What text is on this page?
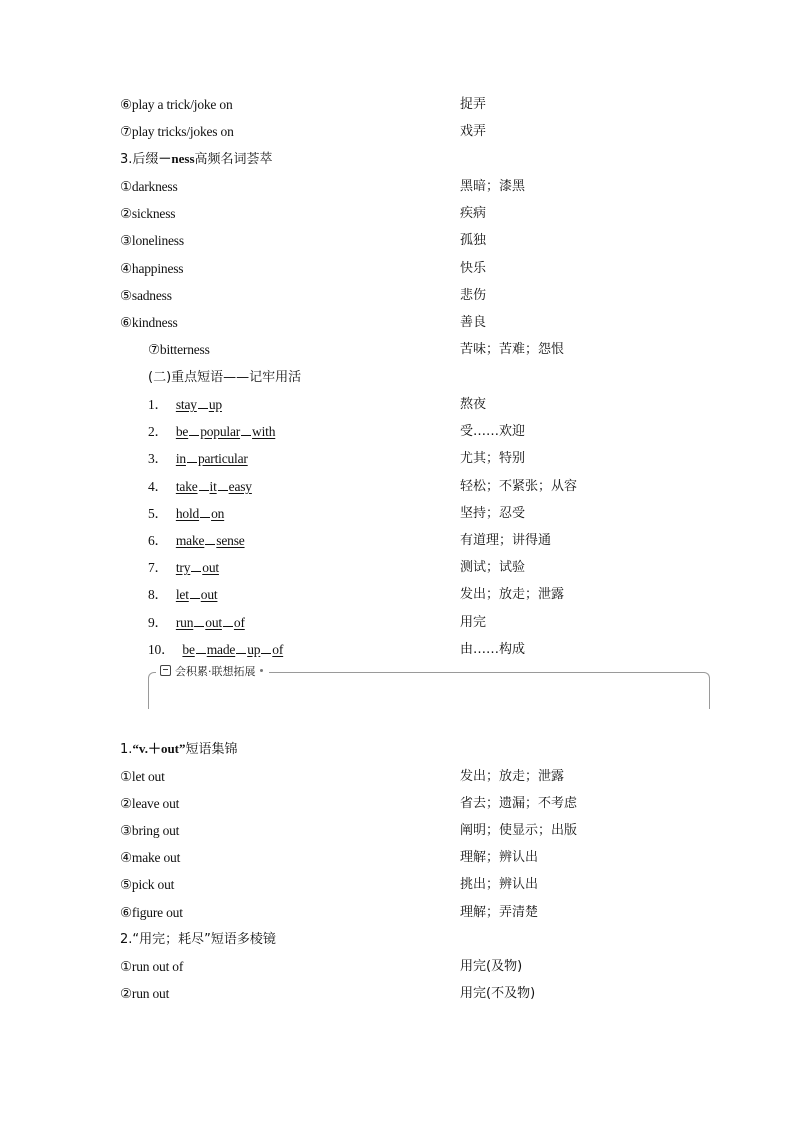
⑥play a trick/joke on	捉弄
⑦play tricks/jokes on	戏弄
3.后缀－ness高频名词荟萃
①darkness	黑暗；漆黑
②sickness	疾病
③loneliness	孤独
④happiness	快乐
⑤sadness	悲伤
⑥kindness	善良
⑦bitterness	苦味；苦难；怨恨
(二)重点短语——记牢用活
1． stay up	熬夜
2． be popular with	受……欢迎
3． in particular	尤其；特别
4． take it easy	轻松；不紧张；从容
5． hold on	坚持；忍受
6． make sense	有道理；讲得通
7． try out	测试；试验
8． let out	发出；放走；泄露
9． run out of	用完
10． be made up of	由……构成
会积累·联想拓展
1.“v.＋out”短语集锦
①let out	发出；放走；泄露
②leave out	省去；遗漏；不考虑
③bring out	阐明；使显示；出版
④make out	理解；辨认出
⑤pick out	挑出；辨认出
⑥figure out	理解；弄清楚
2.“用完；耗尽”短语多棱镜
①run out of	用完(及物)
②run out	用完(不及物)
